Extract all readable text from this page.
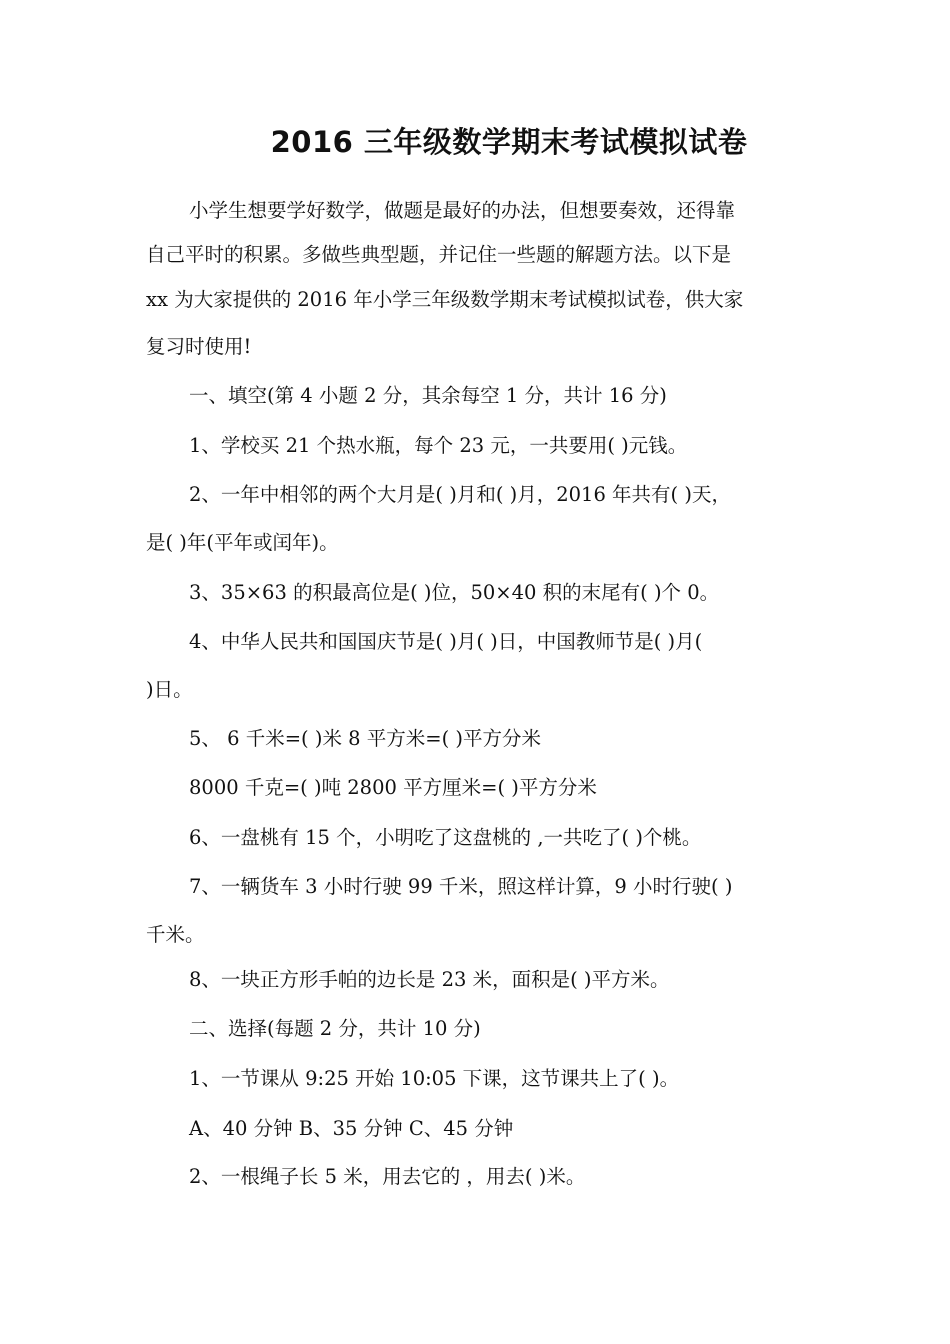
2016 三年级数学期末考试模拟试卷
小学生想要学好数学，做题是最好的办法，但想要奏效，还得靠
自己平时的积累。多做些典型题，并记住一些题的解题方法。以下是
xx 为大家提供的 2016 年小学三年级数学期末考试模拟试卷，供大家
复习时使用!
一、填空(第 4 小题 2 分，其余每空 1 分，共计 16 分)
1、学校买 21 个热水瓶，每个 23 元，一共要用( )元钱。
2、一年中相邻的两个大月是( )月和( )月，2016 年共有( )天，
是( )年(平年或闰年)。
3、35×63 的积最高位是( )位，50×40 积的末尾有( )个 0。
4、中华人民共和国国庆节是( )月( )日，中国教师节是( )月(
)日。
5、 6 千米=( )米 8 平方米=( )平方分米
8000 千克=( )吨 2800 平方厘米=( )平方分米
6、一盘桃有 15 个，小明吃了这盘桃的 ,一共吃了( )个桃。
7、一辆货车 3 小时行驶 99 千米，照这样计算，9 小时行驶( )
千米。
8、一块正方形手帕的边长是 23 米，面积是( )平方米。
二、选择(每题 2 分，共计 10 分)
1、一节课从 9:25 开始 10:05 下课，这节课共上了( )。
A、40 分钟 B、35 分钟 C、45 分钟
2、一根绳子长 5 米，用去它的 ，用去( )米。
